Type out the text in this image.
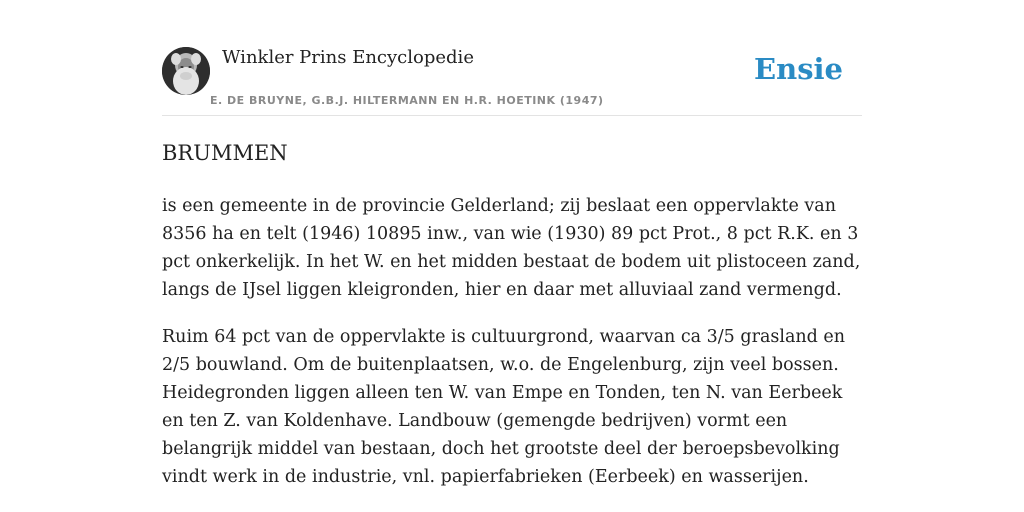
Winkler Prins Encyclopedie
E. DE BRUYNE, G.B.J. HILTERMANN EN H.R. HOETINK (1947)
Ensie
BRUMMEN

is een gemeente in de provincie Gelderland; zij beslaat een oppervlakte van 8356 ha en telt (1946) 10895 inw., van wie (1930) 89 pct Prot., 8 pct R.K. en 3 pct onkerkelijk. In het W. en het midden bestaat de bodem uit plistoceen zand, langs de IJsel liggen kleigronden, hier en daar met alluviaal zand vermengd.

Ruim 64 pct van de oppervlakte is cultuurgrond, waarvan ca 3/5 grasland en 2/5 bouwland. Om de buitenplaatsen, w.o. de Engelenburg, zijn veel bossen. Heidegronden liggen alleen ten W. van Empe en Tonden, ten N. van Eerbeek en ten Z. van Koldenhave. Landbouw (gemengde bedrijven) vormt een belangrijk middel van bestaan, doch het grootste deel der beroepsbevolking vindt werk in de industrie, vnl. papierfabrieken (Eerbeek) en wasserijen.
